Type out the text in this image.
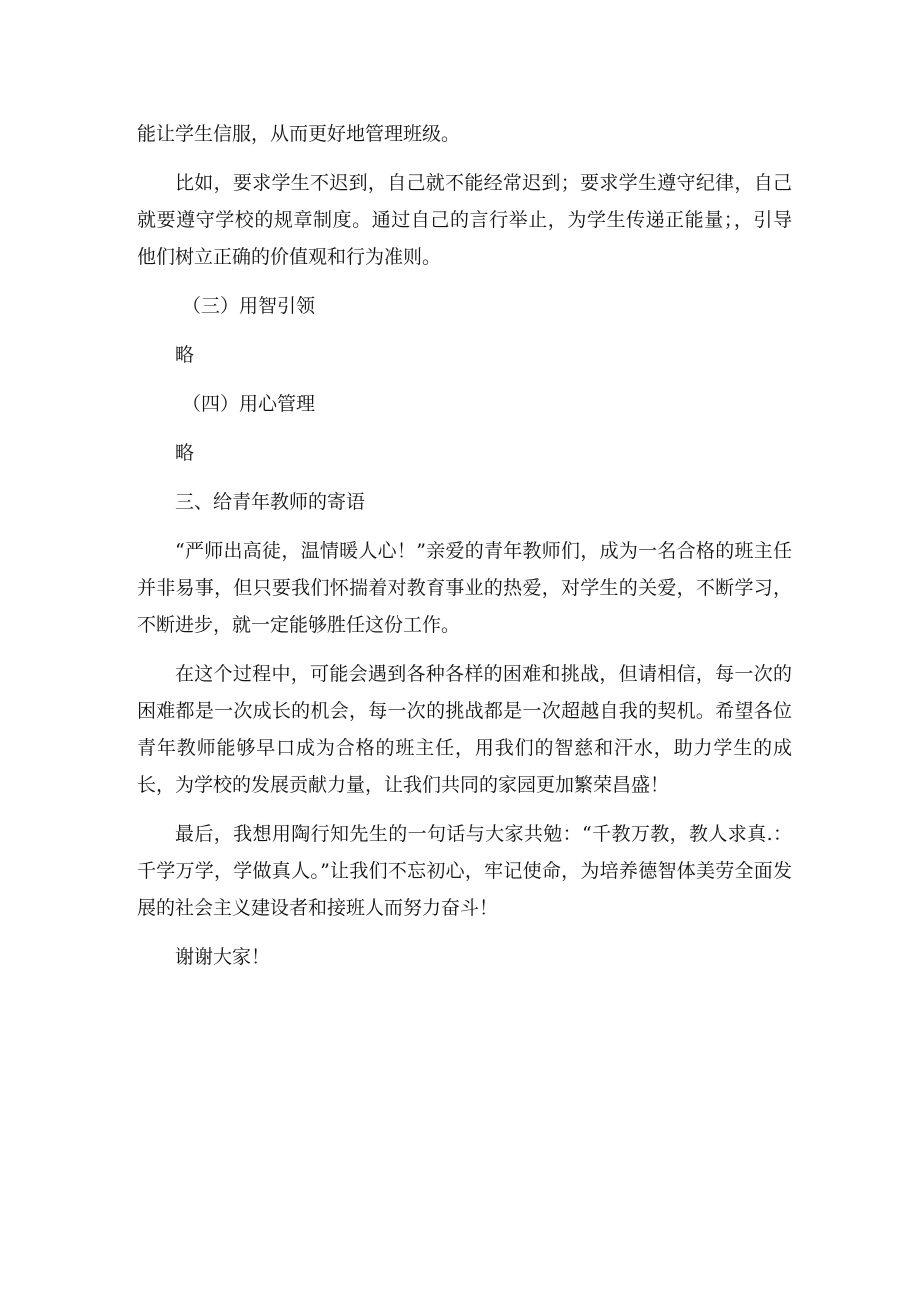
能让学生信服，从而更好地管理班级。

比如，要求学生不迟到，自己就不能经常迟到；要求学生遵守纪律，自己就要遵守学校的规章制度。通过自己的言行举止，为学生传递正能量；，引导他们树立正确的价值观和行为准则。

（三）用智引领

略

（四）用心管理

略

三、给青年教师的寄语

“严师出高徒，温情暖人心！”亲爱的青年教师们，成为一名合格的班主任并非易事，但只要我们怀揣着对教育事业的热爱，对学生的关爱，不断学习，不断进步，就一定能够胜任这份工作。

在这个过程中，可能会遇到各种各样的困难和挑战，但请相信，每一次的困难都是一次成长的机会，每一次的挑战都是一次超越自我的契机。希望各位青年教师能够早口成为合格的班主任，用我们的智慈和汗水，助力学生的成长，为学校的发展贡献力量，让我们共同的家园更加繁荣昌盛！

最后，我想用陶行知先生的一句话与大家共勉：“千教万教，教人求真.：千学万学，学做真人。”让我们不忘初心，牢记使命，为培养德智体美劳全面发展的社会主义建设者和接班人而努力奋斗！

谢谢大家！
